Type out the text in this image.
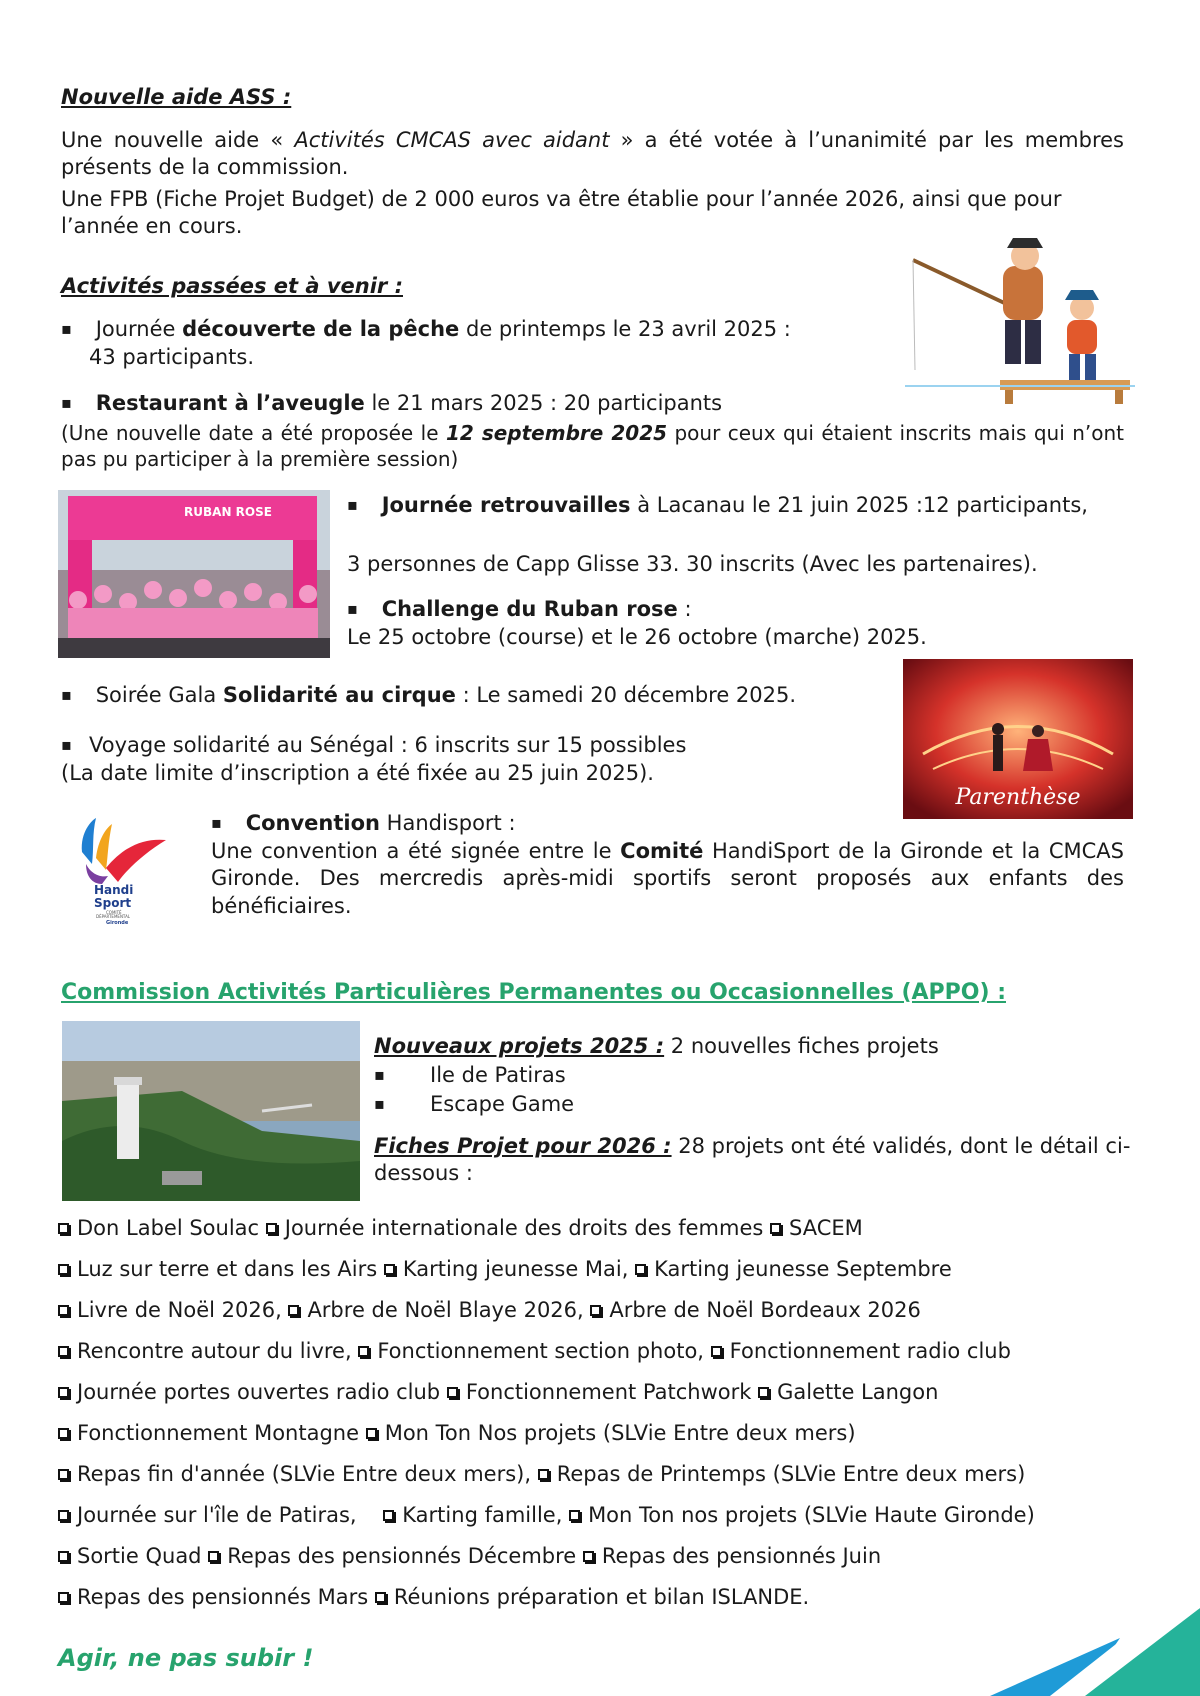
Nouvelle aide ASS :
Une nouvelle aide « Activités CMCAS avec aidant » a été votée à l’unanimité par les membres présents de la commission.
Une FPB (Fiche Projet Budget) de 2 000 euros va être établie pour l’année 2026, ainsi que pour l’année en cours.
Activités passées et à venir :
▪ Journée découverte de la pêche de printemps le 23 avril 2025 :
43 participants.
▪ Restaurant à l’aveugle le 21 mars 2025 : 20 participants
(Une nouvelle date a été proposée le 12 septembre 2025 pour ceux qui étaient inscrits mais qui n’ont pas pu participer à la première session)
RUBAN ROSE
▪	Journée retrouvailles à Lacanau le 21 juin 2025 :12 participants,
3 personnes de Capp Glisse 33. 30 inscrits (Avec les partenaires).
▪ Challenge du Ruban rose :
Le 25 octobre (course) et le 26 octobre (marche) 2025.
Parenthèse
▪ Soirée Gala Solidarité au cirque : Le samedi 20 décembre 2025.
▪ Voyage solidarité au Sénégal : 6 inscrits sur 15 possibles
(La date limite d’inscription a été fixée au 25 juin 2025).
Handi
Sport
COMITÉ
DÉPARTEMENTAL
Gironde
▪ Convention Handisport :
Une convention a été signée entre le Comité HandiSport de la Gironde et la CMCAS Gironde. Des mercredis après-midi sportifs seront proposés aux enfants des bénéficiaires.
Commission Activités Particulières Permanentes ou Occasionnelles (APPO) :
Nouveaux projets 2025 : 2 nouvelles fiches projets
▪ Ile de Patiras
▪ Escape Game
Fiches Projet pour 2026 : 28 projets ont été validés, dont le détail ci-dessous :
Don Label Soulac Journée internationale des droits des femmes SACEM
Luz sur terre et dans les Airs Karting jeunesse Mai, Karting jeunesse Septembre
Livre de Noël 2026, Arbre de Noël Blaye 2026, Arbre de Noël Bordeaux 2026
Rencontre autour du livre, Fonctionnement section photo, Fonctionnement radio club
Journée portes ouvertes radio club Fonctionnement Patchwork Galette Langon
Fonctionnement Montagne Mon Ton Nos projets (SLVie Entre deux mers)
Repas fin d'année (SLVie Entre deux mers), Repas de Printemps (SLVie Entre deux mers)
Journée sur l'île de Patiras,    Karting famille, Mon Ton nos projets (SLVie Haute Gironde)
Sortie Quad Repas des pensionnés Décembre Repas des pensionnés Juin
Repas des pensionnés Mars Réunions préparation et bilan ISLANDE.
Agir, ne pas subir !
